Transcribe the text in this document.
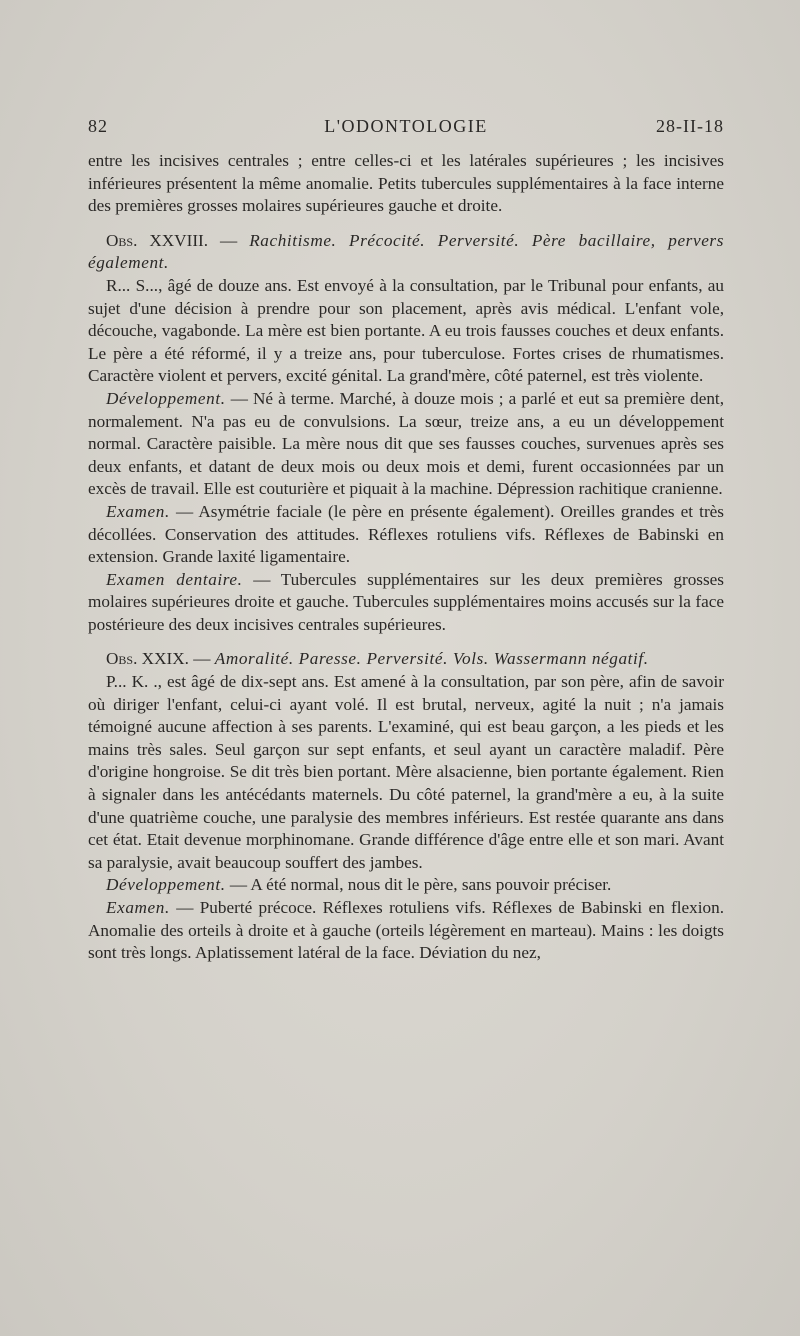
82	L'ODONTOLOGIE	28-II-18

entre les incisives centrales ; entre celles-ci et les latérales supérieures ; les incisives inférieures présentent la même anomalie. Petits tubercules supplémentaires à la face interne des premières grosses molaires supérieures gauche et droite.

Obs. XXVIII. — Rachitisme. Précocité. Perversité. Père bacillaire, pervers également.

R... S..., âgé de douze ans. Est envoyé à la consultation, par le Tribunal pour enfants, au sujet d'une décision à prendre pour son placement, après avis médical. L'enfant vole, découche, vagabonde. La mère est bien portante. A eu trois fausses couches et deux enfants. Le père a été réformé, il y a treize ans, pour tuberculose. Fortes crises de rhumatismes. Caractère violent et pervers, excité génital. La grand'mère, côté paternel, est très violente.

Développement. — Né à terme. Marché, à douze mois ; a parlé et eut sa première dent, normalement. N'a pas eu de convulsions. La sœur, treize ans, a eu un développement normal. Caractère paisible. La mère nous dit que ses fausses couches, survenues après ses deux enfants, et datant de deux mois ou deux mois et demi, furent occasionnées par un excès de travail. Elle est couturière et piquait à la machine. Dépression rachitique cranienne.

Examen. — Asymétrie faciale (le père en présente également). Oreilles grandes et très décollées. Conservation des attitudes. Réflexes rotuliens vifs. Réflexes de Babinski en extension. Grande laxité ligamentaire.

Examen dentaire. — Tubercules supplémentaires sur les deux premières grosses molaires supérieures droite et gauche. Tubercules supplémentaires moins accusés sur la face postérieure des deux incisives centrales supérieures.

Obs. XXIX. — Amoralité. Paresse. Perversité. Vols. Wassermann négatif.

P... K. ., est âgé de dix-sept ans. Est amené à la consultation, par son père, afin de savoir où diriger l'enfant, celui-ci ayant volé. Il est brutal, nerveux, agité la nuit ; n'a jamais témoigné aucune affection à ses parents. L'examiné, qui est beau garçon, a les pieds et les mains très sales. Seul garçon sur sept enfants, et seul ayant un caractère maladif. Père d'origine hongroise. Se dit très bien portant. Mère alsacienne, bien portante également. Rien à signaler dans les antécédants maternels. Du côté paternel, la grand'mère a eu, à la suite d'une quatrième couche, une paralysie des membres inférieurs. Est restée quarante ans dans cet état. Etait devenue morphinomane. Grande différence d'âge entre elle et son mari. Avant sa paralysie, avait beaucoup souffert des jambes.

Développement. — A été normal, nous dit le père, sans pouvoir préciser.

Examen. — Puberté précoce. Réflexes rotuliens vifs. Réflexes de Babinski en flexion. Anomalie des orteils à droite et à gauche (orteils légèrement en marteau). Mains : les doigts sont très longs. Aplatissement latéral de la face. Déviation du nez,
